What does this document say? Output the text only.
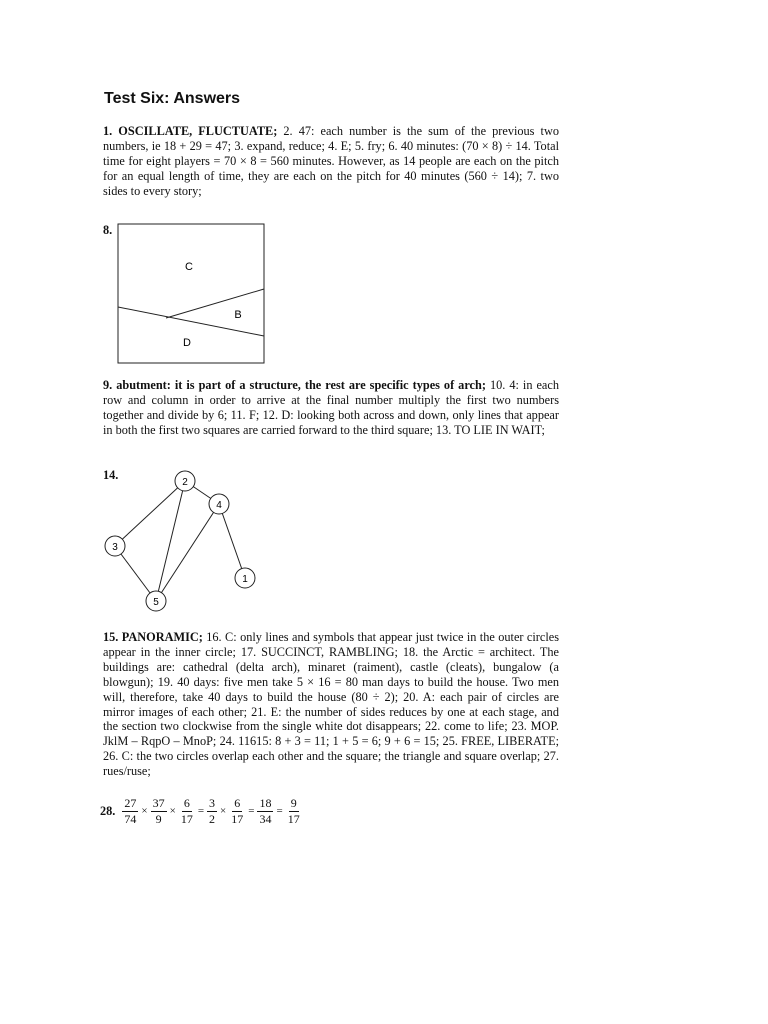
Test Six: Answers

1. OSCILLATE, FLUCTUATE; 2. 47: each number is the sum of the previous two numbers, ie 18 + 29 = 47; 3. expand, reduce; 4. E; 5. fry; 6. 40 minutes: (70 × 8) ÷ 14. Total time for eight players = 70 × 8 = 560 minutes. However, as 14 people are each on the pitch for an equal length of time, they are each on the pitch for 40 minutes (560 ÷ 14); 7. two sides to every story;

8.
C
B
D

9. abutment: it is part of a structure, the rest are specific types of arch; 10. 4: in each row and column in order to arrive at the final number multiply the first two numbers together and divide by 6; 11. F; 12. D: looking both across and down, only lines that appear in both the first two squares are carried forward to the third square; 13. TO LIE IN WAIT;

14.
1
2
3
4
5

15. PANORAMIC; 16. C: only lines and symbols that appear just twice in the outer circles appear in the inner circle; 17. SUCCINCT, RAMBLING; 18. the Arctic = architect. The buildings are: cathedral (delta arch), minaret (raiment), castle (cleats), bungalow (a blowgun); 19. 40 days: five men take 5 × 16 = 80 man days to build the house. Two men will, therefore, take 40 days to build the house (80 ÷ 2); 20. A: each pair of circles are mirror images of each other; 21. E: the number of sides reduces by one at each stage, and the section two clockwise from the single white dot disappears; 22. come to life; 23. MOP. JklM – RqpO – MnoP; 24. 11615: 8 + 3 = 11; 1 + 5 = 6; 9 + 6 = 15; 25. FREE, LIBERATE; 26. C: the two circles overlap each other and the square; the triangle and square overlap; 27. rues/ruse;

28. $\frac{27}{74} \times \frac{37}{9} \times \frac{6}{17} = \frac{3}{2} \times \frac{6}{17} = \frac{18}{34} = \frac{9}{17}$
